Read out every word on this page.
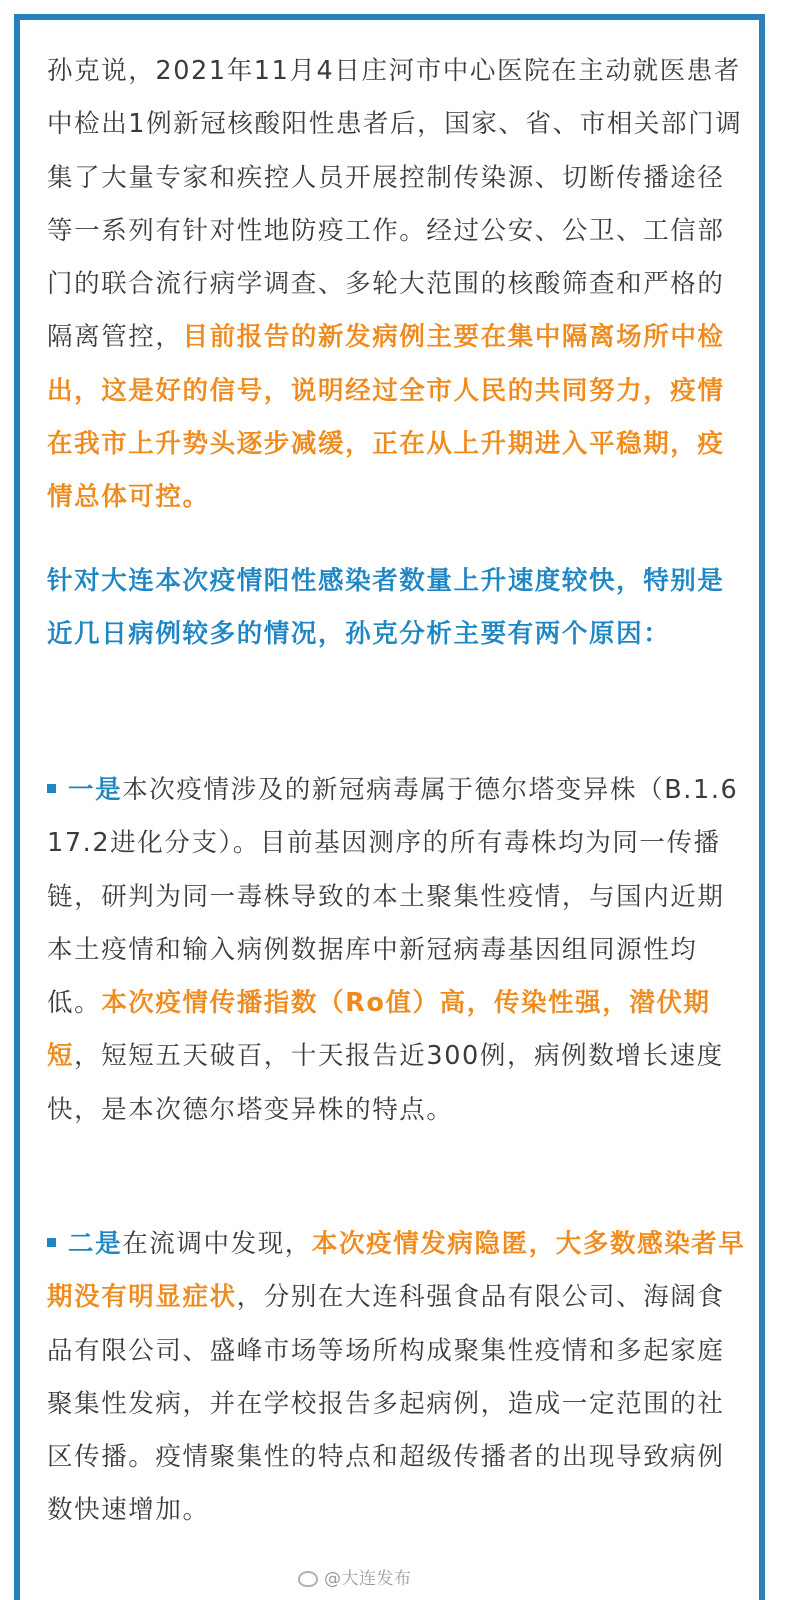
孙克说，2021年11月4日庄河市中心医院在主动就医患者中检出1例新冠核酸阳性患者后，国家、省、市相关部门调集了大量专家和疾控人员开展控制传染源、切断传播途径等一系列有针对性地防疫工作。经过公安、公卫、工信部门的联合流行病学调查、多轮大范围的核酸筛查和严格的隔离管控，目前报告的新发病例主要在集中隔离场所中检出，这是好的信号，说明经过全市人民的共同努力，疫情在我市上升势头逐步减缓，正在从上升期进入平稳期，疫情总体可控。

针对大连本次疫情阳性感染者数量上升速度较快，特别是近几日病例较多的情况，孙克分析主要有两个原因：

一是本次疫情涉及的新冠病毒属于德尔塔变异株（B.1.617.2进化分支）。目前基因测序的所有毒株均为同一传播链，研判为同一毒株导致的本土聚集性疫情，与国内近期本土疫情和输入病例数据库中新冠病毒基因组同源性均低。本次疫情传播指数（Ro值）高，传染性强，潜伏期短，短短五天破百，十天报告近300例，病例数增长速度快，是本次德尔塔变异株的特点。

二是在流调中发现，本次疫情发病隐匿，大多数感染者早期没有明显症状，分别在大连科强食品有限公司、海阔食品有限公司、盛峰市场等场所构成聚集性疫情和多起家庭聚集性发病，并在学校报告多起病例，造成一定范围的社区传播。疫情聚集性的特点和超级传播者的出现导致病例数快速增加。

@大连发布
